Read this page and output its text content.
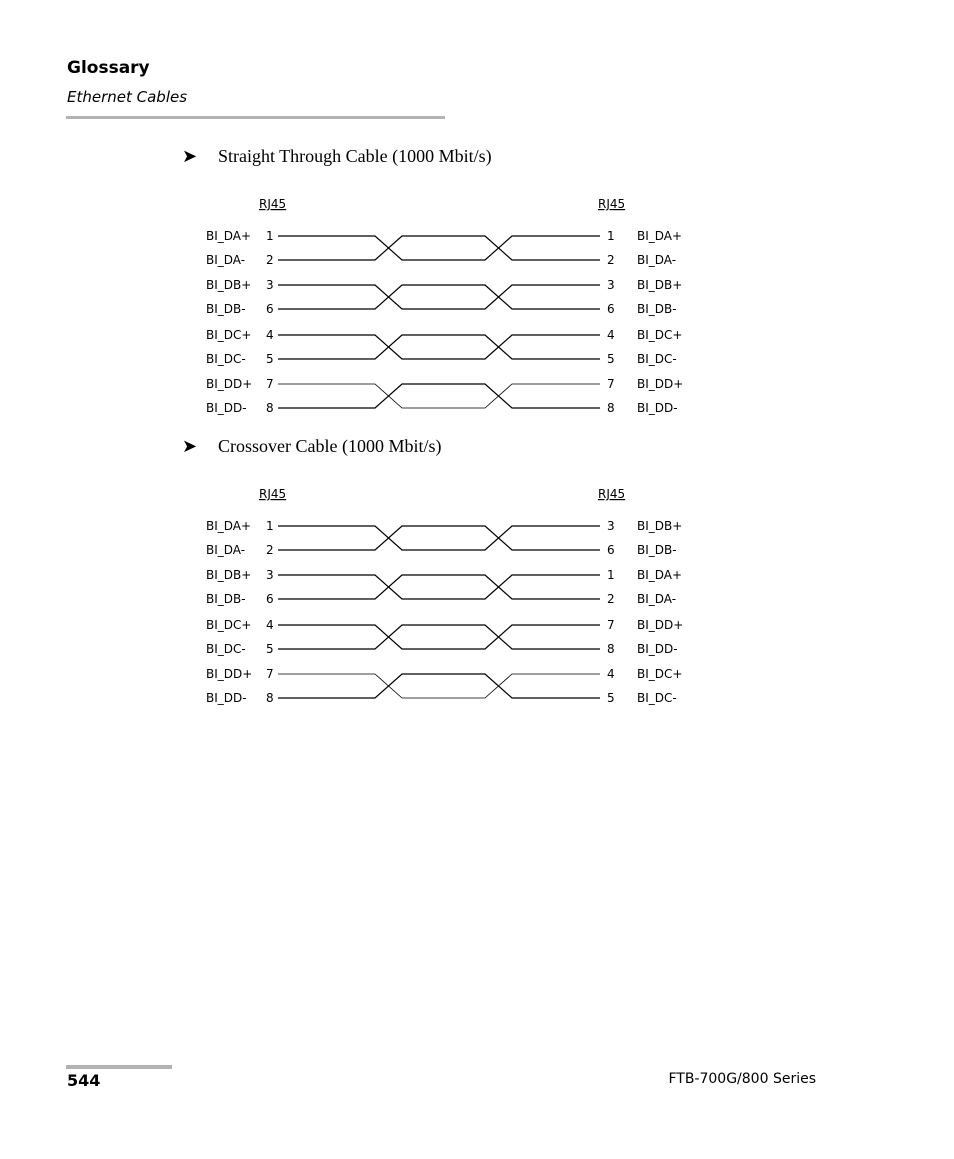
Glossary
Ethernet Cables
➤ Straight Through Cable (1000 Mbit/s)
RJ45	RJ45
BI_DA+ 1	1 BI_DA+
BI_DA- 2	2 BI_DA-
BI_DB+ 3	3 BI_DB+
BI_DB- 6	6 BI_DB-
BI_DC+ 4	4 BI_DC+
BI_DC- 5	5 BI_DC-
BI_DD+ 7	7 BI_DD+
BI_DD- 8	8 BI_DD-
➤ Crossover Cable (1000 Mbit/s)
RJ45	RJ45
BI_DA+ 1	3 BI_DB+
BI_DA- 2	6 BI_DB-
BI_DB+ 3	1 BI_DA+
BI_DB- 6	2 BI_DA-
BI_DC+ 4	7 BI_DD+
BI_DC- 5	8 BI_DD-
BI_DD+ 7	4 BI_DC+
BI_DD- 8	5 BI_DC-
544	FTB-700G/800 Series
